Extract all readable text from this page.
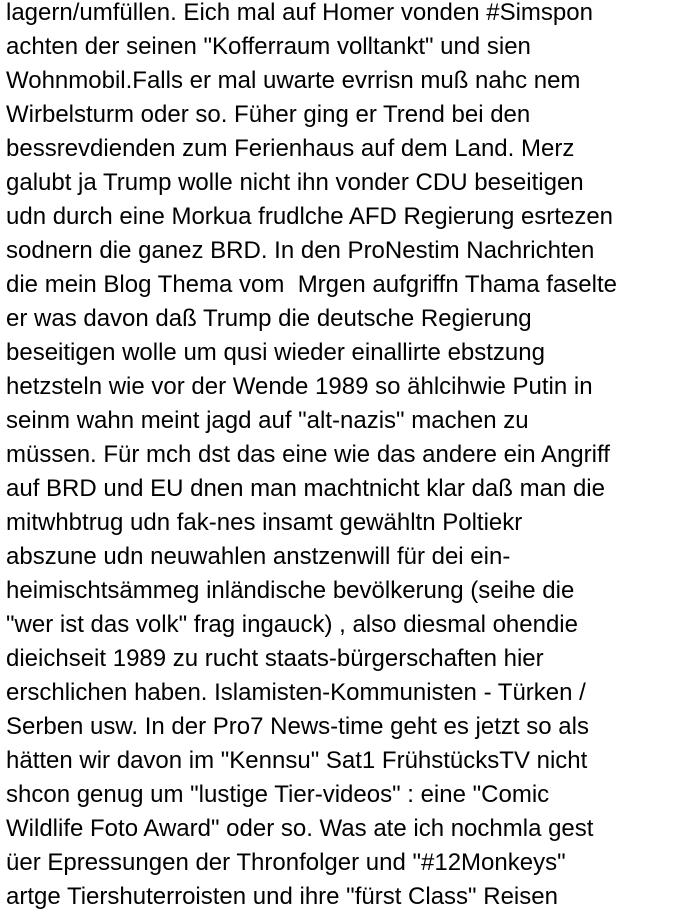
lagern/umfüllen. Eich mal auf Homer vonden #Simspon
achten der seinen "Kofferraum volltankt" und sien
Wohnmobil.Falls er mal uwarte evrrisn muß nahc nem
Wirbelsturm oder so. Füher ging er Trend bei den
bessrevdienden zum Ferienhaus auf dem Land. Merz
galubt ja Trump wolle nicht ihn vonder CDU beseitigen
udn durch eine Morkua frudlche AFD Regierung esrtezen
sodnern die ganez BRD. In den ProNestim Nachrichten
die mein Blog Thema vom  Mrgen aufgriffn Thama faselte
er was davon daß Trump die deutsche Regierung
beseitigen wolle um qusi wieder einallirte ebstzung
hetzsteln wie vor der Wende 1989 so ählcihwie Putin in
seinm wahn meint jagd auf "alt-nazis" machen zu
müssen. Für mch dst das eine wie das andere ein Angriff
auf BRD und EU dnen man machtnicht klar daß man die
mitwhbtrug udn fak-nes insamt gewähltn Poltiekr
abszune udn neuwahlen anstzenwill für dei ein-
heimischtsämmeg inländische bevölkerung (seihe die
"wer ist das volk" frag ingauck) , also diesmal ohendie
dieichseit 1989 zu rucht staats-bürgerschaften hier
erschlichen haben. Islamisten-Kommunisten - Türken /
Serben usw. In der Pro7 News-time geht es jetzt so als
hätten wir davon im "Kennsu" Sat1 FrühstücksTV nicht
shcon genug um "lustige Tier-videos" : eine "Comic
Wildlife Foto Award" oder so. Was ate ich nochmla gest
üer Epressungen der Thronfolger und "#12Monkeys"
artge Tiershuterroisten und ihre "fürst Class" Reisen
